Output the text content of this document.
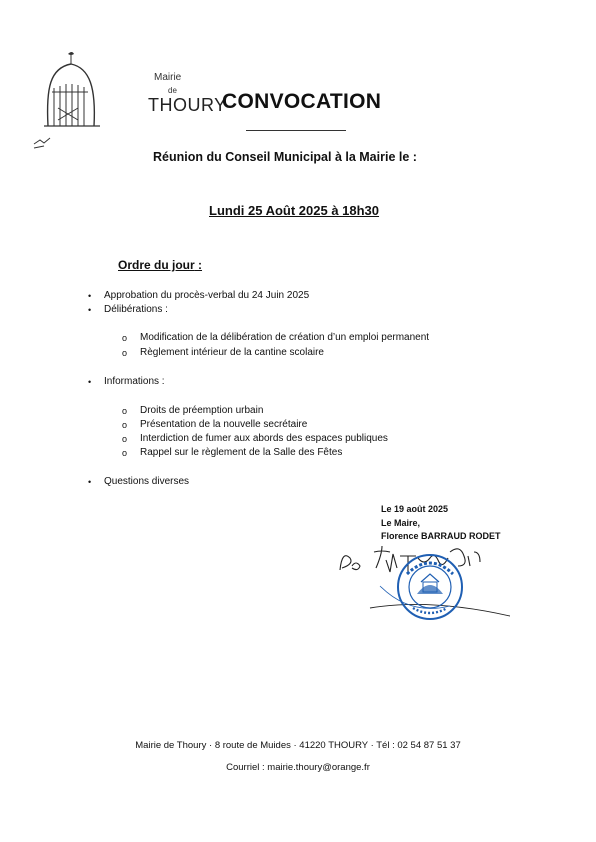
Mairie
de
THOURY
CONVOCATION
Réunion du Conseil Municipal à la Mairie le :
Lundi 25 Août 2025 à 18h30
Ordre du jour :
• Approbation du procès-verbal du 24 Juin 2025
• Délibérations :
o Modification de la délibération de création d’un emploi permanent
o Règlement intérieur de la cantine scolaire
• Informations :
o Droits de préemption urbain
o Présentation de la nouvelle secrétaire
o Interdiction de fumer aux abords des espaces publiques
o Rappel sur le règlement de la Salle des Fêtes
• Questions diverses
Le 19 août 2025
Le Maire,
Florence BARRAUD RODET
Mairie de Thoury · 8 route de Muides · 41220 THOURY · Tél : 02 54 87 51 37
Courriel : mairie.thoury@orange.fr
